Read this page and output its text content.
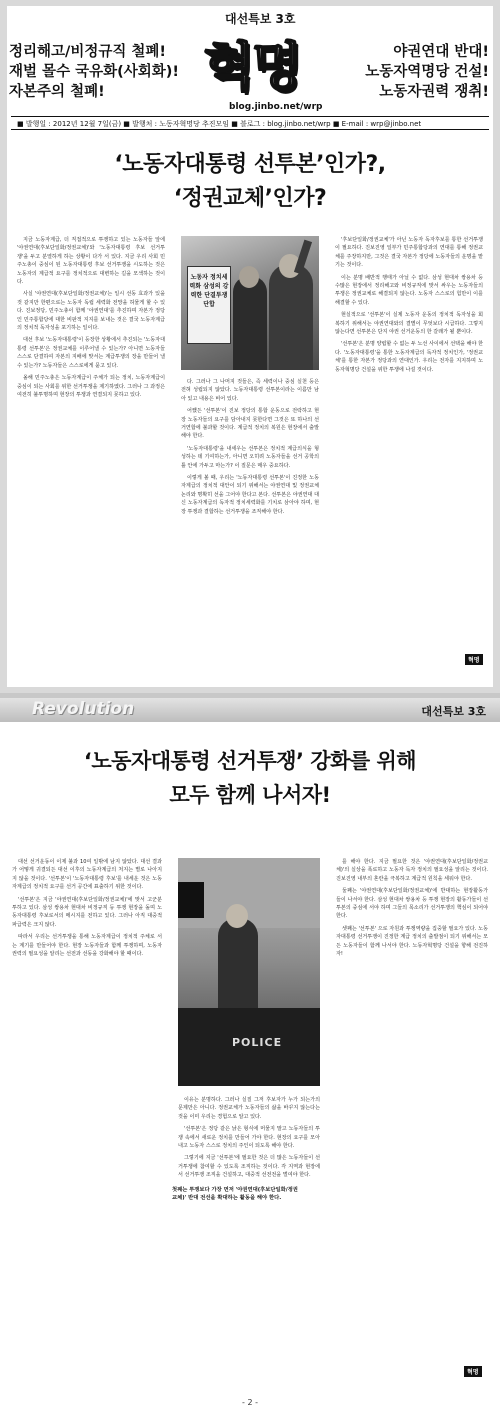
대선특보 3호
정리해고/비정규직 철폐!
재벌 몰수 국유화(사회화)!
자본주의 철폐!	혁명
blog.jinbo.net/wrp
야권연대 반대!
노동자역명당 건설!
노동자권력 쟁취!
■ 발행일 : 2012년 12월 7일(금) ■ 발행처 : 노동자혁명당 추진모임 ■ 블로그 : blog.jinbo.net/wrp ■ E-mail : wrp@jinbo.net
‘노동자대통령 선투본’인가?,
‘정권교체’인가?

지금 노동자계급, 더 직접적으로 투쟁하고 있는 노동자들 앞에 '야권연대(후보단일화/정권교체)'와 '노동자대통령 후보 선거투쟁'을 두고 분열하게 하는 상황이 다가 서 있다. 지금 우리 사회 민주노총이 중심이 된 노동자대통령 후보 선거투쟁을 시도하는 것은 노동자의 계급적 요구를 정치적으로 대변하는 길을 모색하는 것이다.

사실 '야권연대(후보단일화/정권교체)'는 일시 선동 효과가 있을 것 같지만 한편으로는 노동자 독립 세력화 전망을 허물게 할 수 있다. 진보정당, 민주노총이 함께 '야권연대'를 추진하며 자본가 정당인 민주통합당에 대한 비판적 지지를 보내는 것은 결국 노동자계급의 정치적 독자성을 포기하는 일이다.

대선 후보 '노동자대통령'이 등장한 상황에서 추진되는 '노동자대통령 선투본'은 정권교체를 이루어낼 수 있는가? 아니면 노동자들 스스로 단결하여 자본의 지배에 맞서는 계급투쟁의 장을 만들어 낼 수 있는가? 노동자들은 스스로에게 묻고 있다.

올해 민주노총은 노동자계급이 주체가 되는 정치, 노동자계급이 중심이 되는 사회를 위한 선거투쟁을 제기하였다. 그러나 그 과정은 여전히 불투명하며 현장의 투쟁과 연결되지 못하고 있다.

노동자 정치세력화 삼성의 강력한 단결투쟁 단합

다. 그러나 그 나머지 것들은, 즉 세력이나 중심 실천 등은 전혀 성립되지 않았다. 노동자대통령 선투본이라는 이름만 남아 있고 내용은 비어 있다.

어쨌든 '선투본'이 진보 정당의 통합 운동으로 전락하고 현장 노동자들의 요구를 담아내지 못한다면 그것은 또 하나의 선거연합에 불과할 것이다. 계급적 정치의 복원은 현장에서 출발해야 한다.

'노동자대통령'을 내세우는 선투본은 정치적 계급의식을 형성하는 데 기여하는가, 아니면 오히려 노동자들을 선거 공학의 틀 안에 가두고 마는가? 이 질문은 매우 중요하다.

이렇게 볼 때, 우리는 '노동자대통령 선투본'이 진정한 노동자계급의 정치적 대안이 되기 위해서는 야권연대 및 정권교체 논리와 명확히 선을 그어야 한다고 본다. 선투본은 야권연대 대신 노동자계급의 독자적 정치세력화를 기치로 삼아야 하며, 현장 투쟁과 결합하는 선거투쟁을 조직해야 한다.

'후보단일화/정권교체'가 아닌 노동자 독자후보를 통한 선거투쟁이 필요하다. 진보진영 일부가 민주통합당과의 연대를 통해 정권교체를 주장하지만, 그것은 결국 자본가 정당에 노동자들의 운명을 맡기는 것이다.

이는 분명 배반적 행태가 아닐 수 없다. 삼성 현대차 쌍용차 등 수많은 현장에서 정리해고와 비정규직에 맞서 싸우는 노동자들의 투쟁은 정권교체로 해결되지 않는다. 노동자 스스로의 힘만이 이를 해결할 수 있다.

현실적으로 '선투본'이 실제 노동자 운동의 정치적 독자성을 회복하기 위해서는 야권연대와의 결별이 무엇보다 시급하다. 그렇지 않는다면 선투본은 단지 야권 선거운동의 한 갈래가 될 뿐이다.

'선투본'은 분명 양립할 수 없는 두 노선 사이에서 선택을 해야 한다. '노동자대통령'을 통한 노동자계급의 독자적 정치인가, '정권교체'를 통한 자본가 정당과의 연대인가. 우리는 전자를 지지하며 노동자혁명당 건설을 위한 투쟁에 나설 것이다.

혁명
Revolution	대선특보 3호
‘노동자대통령 선거투쟁’ 강화를 위해
모두 함께 나서자!

대선 선거운동이 이제 불과 10여 일밖에 남지 않았다. 대선 결과가 어떻게 귀결되든 대선 이후의 노동자계급의 처지는 별로 나아지지 않을 것이다. '선투본'이 '노동자대통령 후보'를 내세운 것은 노동자계급의 정치적 요구를 선거 공간에 표출하기 위한 것이다.

'선투본'은 지금 '야권연대(후보단일화/정권교체)'에 맞서 고군분투하고 있다. 삼성 쌍용차 현대차 비정규직 등 투쟁 현장을 돌며 노동자대통령 후보로서의 메시지를 전하고 있다. 그러나 아직 대중적 파급력은 크지 않다.

따라서 우리는 선거투쟁을 통해 노동자계급이 정치적 주체로 서는 계기를 만들어야 한다. 현장 노동자들과 함께 투쟁하며, 노동자 권력의 필요성을 알리는 선전과 선동을 강화해야 할 때이다.

POLICE

이유는 분명하다. 그러나 실질 그저 후보자가 누가 되는가의 문제만은 아니다. 정권교체가 노동자들의 삶을 바꾸지 않는다는 것을 이미 우리는 경험으로 알고 있다.

'선투본'은 정당 같은 낡은 형식에 머물지 말고 노동자들의 투쟁 속에서 새로운 정치를 만들어 가야 한다. 현장의 요구를 모아내고 노동자 스스로 정치의 주인이 되도록 해야 한다.

그렇기에 지금 '선투본'에 필요한 것은 더 많은 노동자들이 선거투쟁에 참여할 수 있도록 조직하는 것이다. 각 지역과 현장에서 선거투쟁 조직을 건설하고, 대중적 선전전을 벌여야 한다.

를 해야 한다. 지금 필요한 것은 '야권연대(후보단일화/정권교체)'의 실상을 폭로하고 노동자 독자 정치의 필요성을 알리는 것이다. 진보진영 내부의 혼란을 극복하고 계급적 원칙을 세워야 한다.

둘째는 '야권연대(후보단일화/정권교체)'에 반대하는 현장활동가들이 나서야 한다. 삼성 현대차 쌍용차 등 투쟁 현장의 활동가들이 선투본의 중심에 서야 하며 그들의 목소리가 선거투쟁의 핵심이 되어야 한다.

셋째는 '선투본' 으로 자원과 투쟁역량을 집중할 필요가 있다. 노동자대통령 선거투쟁이 진정한 계급 정치의 출발점이 되기 위해서는 모든 노동자들이 함께 나서야 한다. 노동자혁명당 건설을 향해 전진하자!

혁명
첫째는 투쟁보다 가장 먼저 '야권연대(후보단일화/정권교체)' 반대 전선을 확대하는 활동을 해야 한다.
- 2 -
